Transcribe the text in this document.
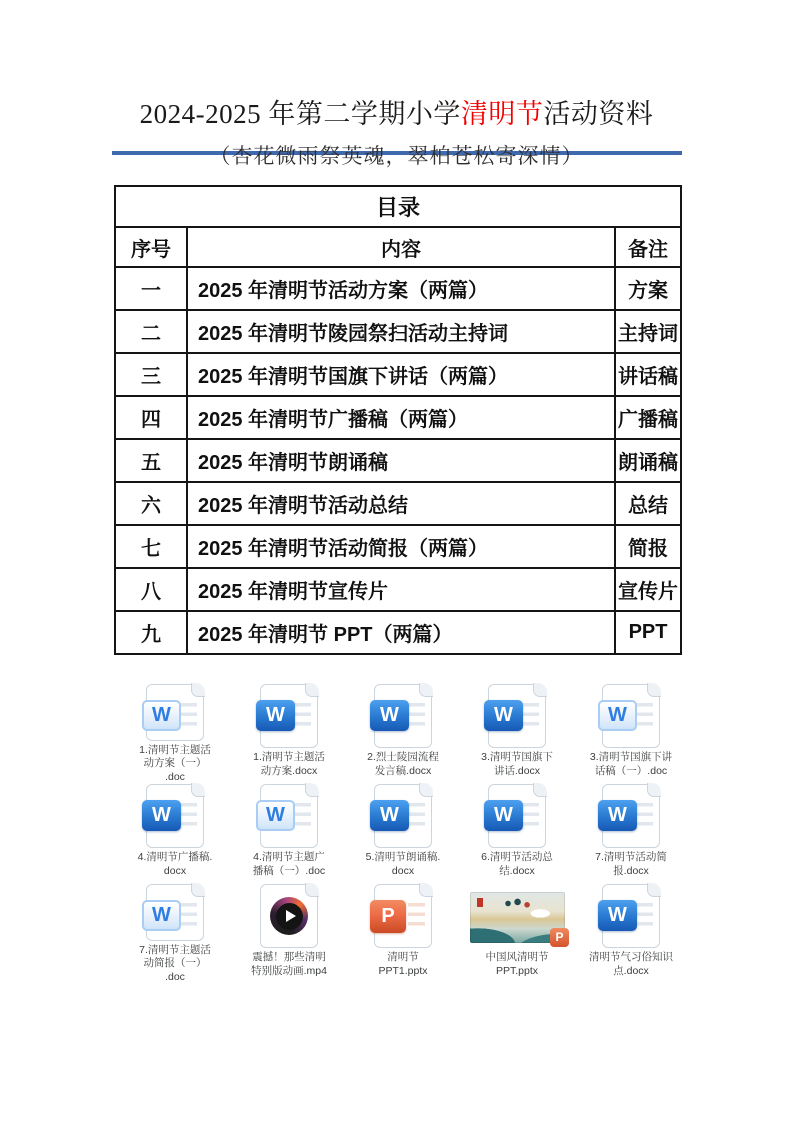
2024-2025 年第二学期小学清明节活动资料
（杏花微雨祭英魂，翠柏苍松寄深情）
目录		
序号	内容	备注
一	2025 年清明节活动方案（两篇）	方案
二	2025 年清明节陵园祭扫活动主持词	主持词
三	2025 年清明节国旗下讲话（两篇）	讲话稿
四	2025 年清明节广播稿（两篇）	广播稿
五	2025 年清明节朗诵稿	朗诵稿
六	2025 年清明节活动总结	总结
七	2025 年清明节活动简报（两篇）	简报
八	2025 年清明节宣传片	宣传片
九	2025 年清明节 PPT（两篇）	PPT
W
1.清明节主题活
动方案（一）
.doc
W
1.清明节主题活
动方案.docx
W
2.烈士陵园流程
发言稿.docx
W
3.清明节国旗下
讲话.docx
W
3.清明节国旗下讲
话稿（一）.doc
W
4.清明节广播稿.
docx
W
4.清明节主题广
播稿（一）.doc
W
5.清明节朗诵稿.
docx
W
6.清明节活动总
结.docx
W
7.清明节活动简
报.docx
W
7.清明节主题活
动简报（一）
.doc
震撼！那些清明
特别版动画.mp4
P
清明节
PPT1.pptx
P
中国风清明节
PPT.pptx
W
清明节气习俗知识
点.docx
